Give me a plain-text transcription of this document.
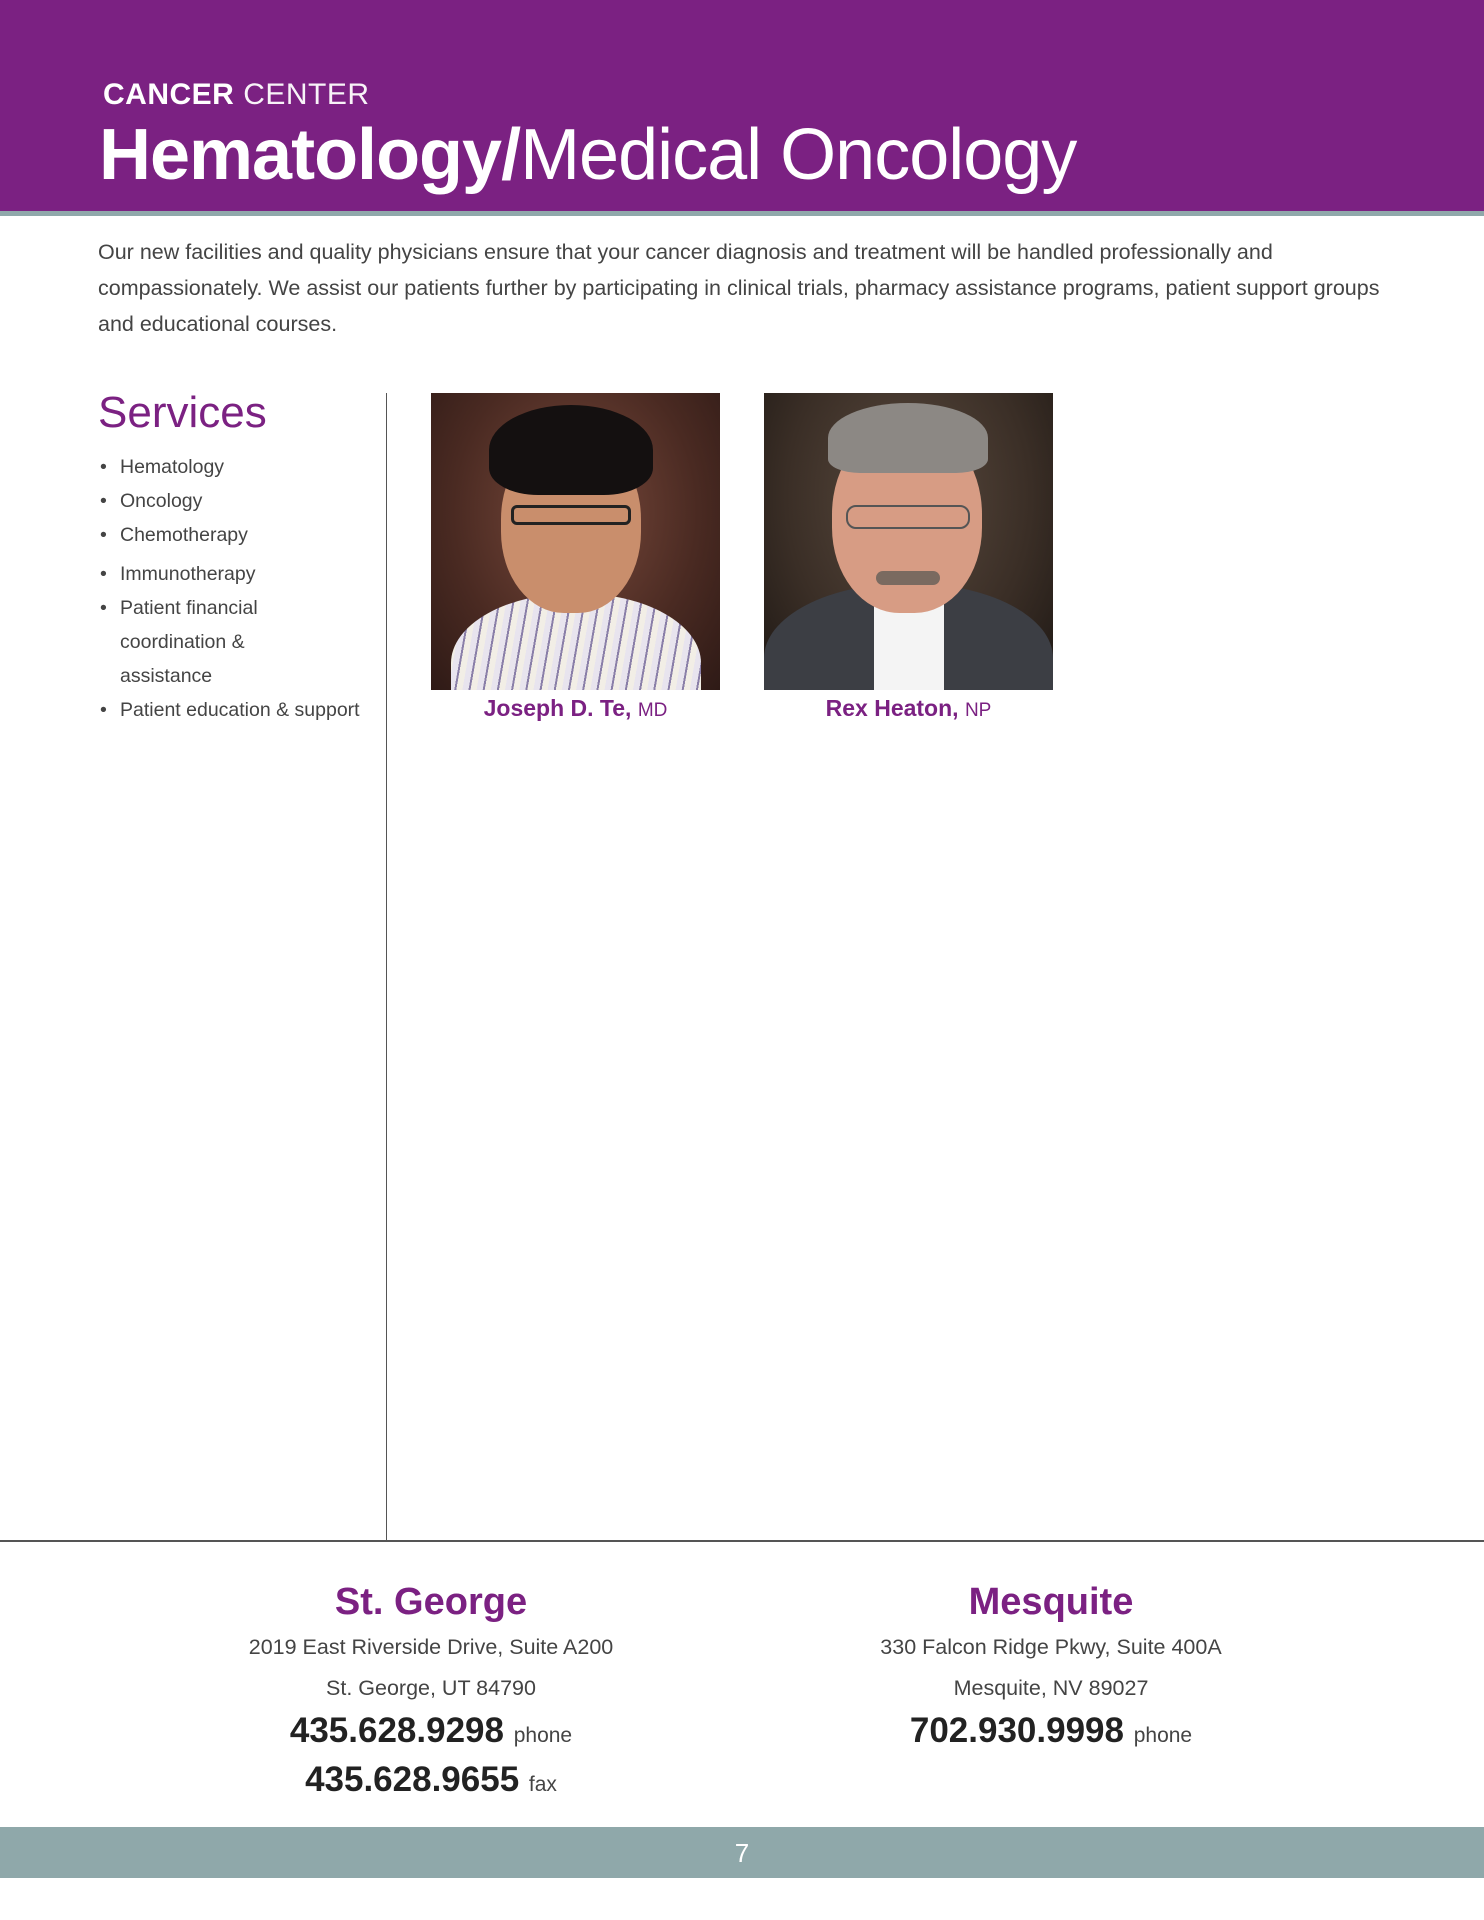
CANCER CENTER
Hematology/Medical Oncology

Our new facilities and quality physicians ensure that your cancer diagnosis and treatment will be handled professionally and compassionately. We assist our patients further by participating in clinical trials, pharmacy assistance programs, patient support groups and educational courses.

Services
• Hematology
• Oncology
• Chemotherapy
• Immunotherapy
• Patient financial coordination & assistance
• Patient education & support	Joseph D. Te, MD	Rex Heaton, NP
St. George
2019 East Riverside Drive, Suite A200
St. George, UT 84790
435.628.9298 phone
435.628.9655 fax
Mesquite
330 Falcon Ridge Pkwy, Suite 400A
Mesquite, NV 89027
702.930.9998 phone
7
